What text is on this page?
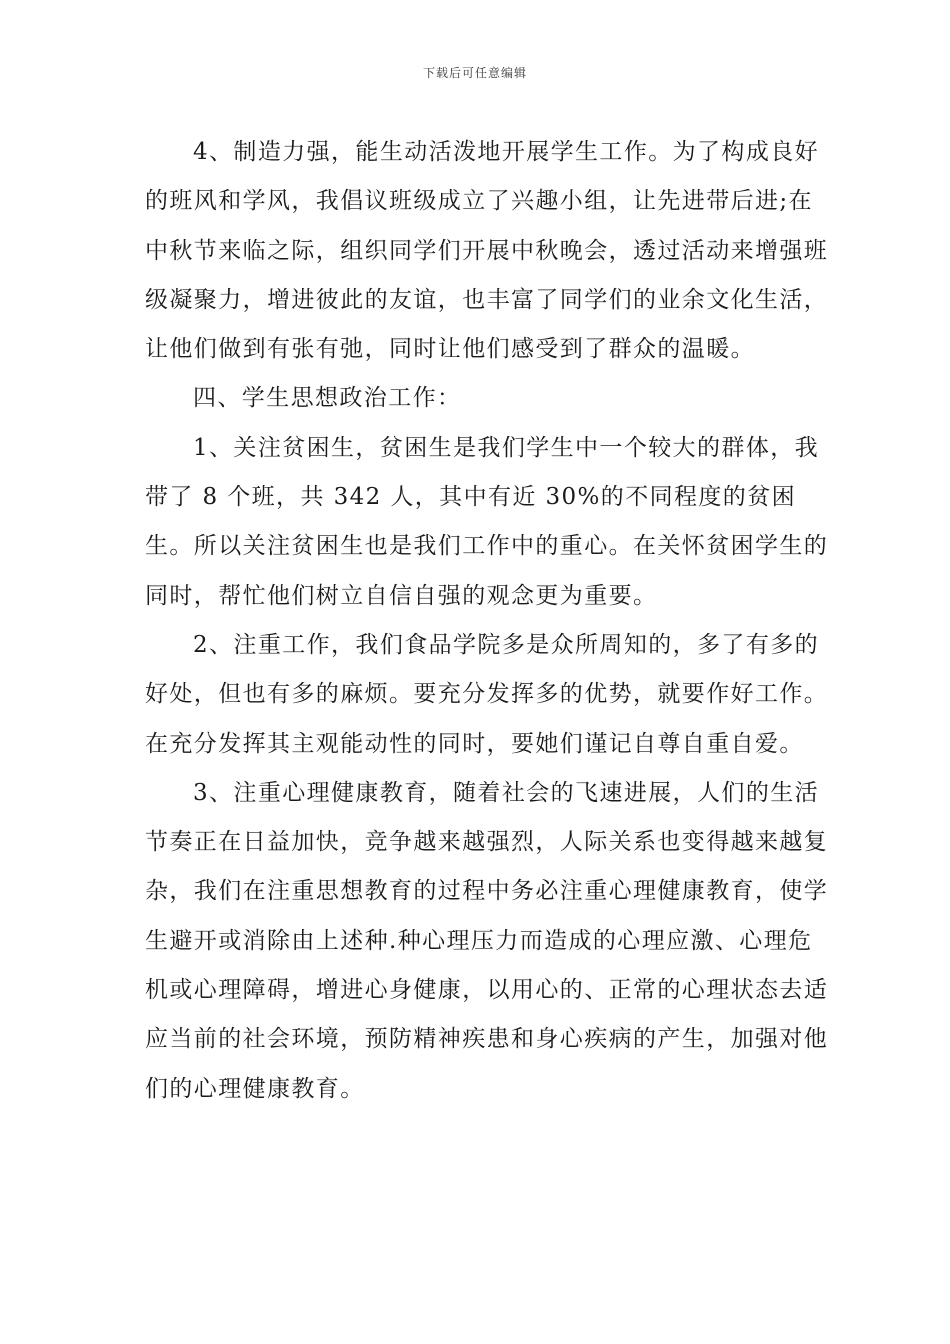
下载后可任意编辑

4、制造力强，能生动活泼地开展学生工作。为了构成良好的班风和学风，我倡议班级成立了兴趣小组，让先进带后进;在中秋节来临之际，组织同学们开展中秋晚会，透过活动来增强班级凝聚力，增进彼此的友谊，也丰富了同学们的业余文化生活，让他们做到有张有弛，同时让他们感受到了群众的温暖。

四、学生思想政治工作：

1、关注贫困生，贫困生是我们学生中一个较大的群体，我带了 8 个班，共 342 人，其中有近 30%的不同程度的贫困生。所以关注贫困生也是我们工作中的重心。在关怀贫困学生的同时，帮忙他们树立自信自强的观念更为重要。

2、注重工作，我们食品学院多是众所周知的，多了有多的好处，但也有多的麻烦。要充分发挥多的优势，就要作好工作。在充分发挥其主观能动性的同时，要她们谨记自尊自重自爱。

3、注重心理健康教育，随着社会的飞速进展，人们的生活节奏正在日益加快，竞争越来越强烈，人际关系也变得越来越复杂，我们在注重思想教育的过程中务必注重心理健康教育，使学生避开或消除由上述种.种心理压力而造成的心理应激、心理危机或心理障碍，增进心身健康，以用心的、正常的心理状态去适应当前的社会环境，预防精神疾患和身心疾病的产生，加强对他们的心理健康教育。
